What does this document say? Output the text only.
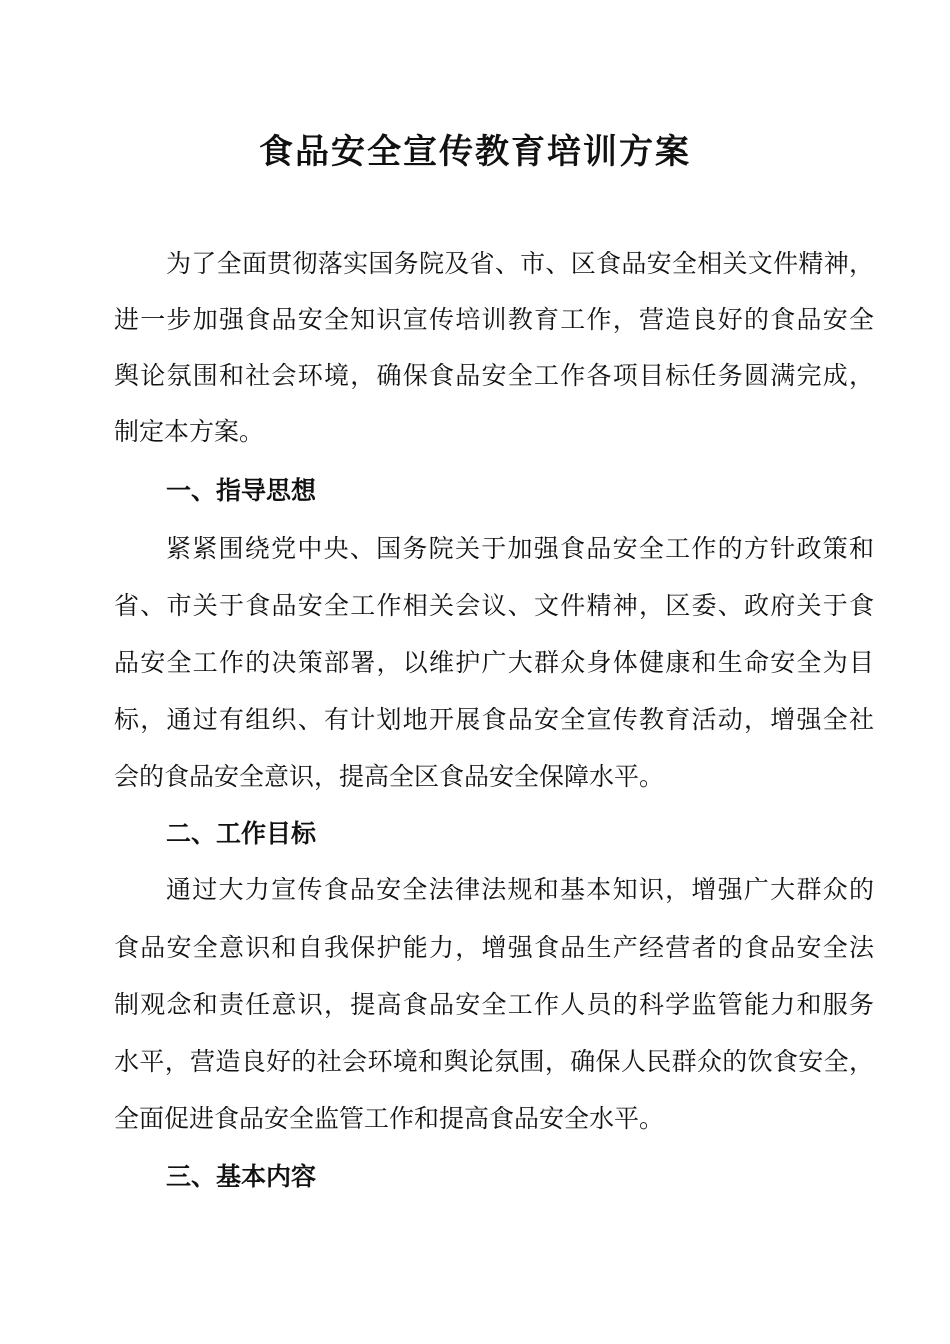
食品安全宣传教育培训方案
为了全面贯彻落实国务院及省、市、区食品安全相关文件精神，
进一步加强食品安全知识宣传培训教育工作，营造良好的食品安全
舆论氛围和社会环境，确保食品安全工作各项目标任务圆满完成，
制定本方案。
一、指导思想
紧紧围绕党中央、国务院关于加强食品安全工作的方针政策和
省、市关于食品安全工作相关会议、文件精神，区委、政府关于食
品安全工作的决策部署，以维护广大群众身体健康和生命安全为目
标，通过有组织、有计划地开展食品安全宣传教育活动，增强全社
会的食品安全意识，提高全区食品安全保障水平。
二、工作目标
通过大力宣传食品安全法律法规和基本知识，增强广大群众的
食品安全意识和自我保护能力，增强食品生产经营者的食品安全法
制观念和责任意识，提高食品安全工作人员的科学监管能力和服务
水平，营造良好的社会环境和舆论氛围，确保人民群众的饮食安全，
全面促进食品安全监管工作和提高食品安全水平。
三、基本内容
